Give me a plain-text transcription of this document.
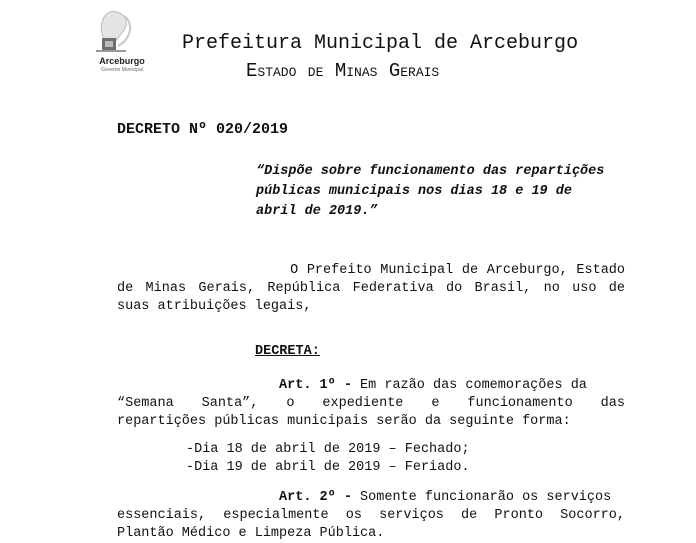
Arceburgo
Governo Municipal
Prefeitura Municipal de Arceburgo
Estado de Minas Gerais
DECRETO Nº 020/2019
“Dispõe sobre funcionamento das repartições
públicas municipais nos dias 18 e 19 de
abril de 2019.”
O Prefeito Municipal de Arceburgo, Estado
de Minas Gerais, República Federativa do Brasil, no uso de
suas atribuições legais,
DECRETA:
Art. 1º - Em razão das comemorações da
“Semana  Santa”,  o  expediente  e  funcionamento  das
repartições públicas municipais serão da seguinte forma:
-Dia 18 de abril de 2019 – Fechado;
-Dia 19 de abril de 2019 – Feriado.
Art. 2º - Somente funcionarão os serviços
essenciais, especialmente os serviços de Pronto Socorro,
Plantão Médico e Limpeza Pública.
